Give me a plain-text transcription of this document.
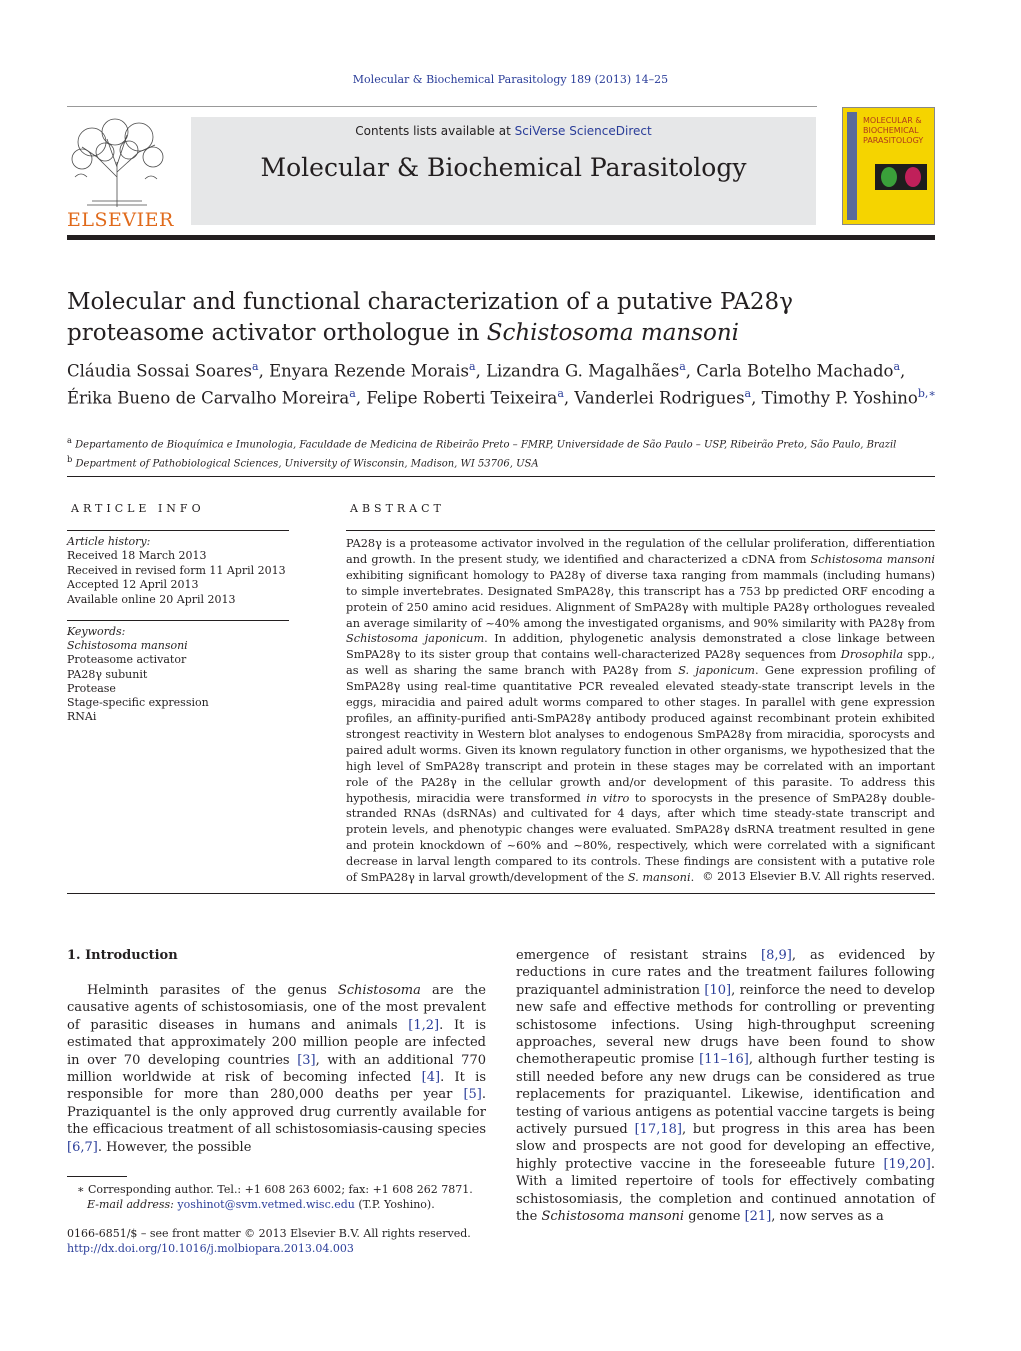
Molecular & Biochemical Parasitology 189 (2013) 14–25
ELSEVIER
Contents lists available at SciVerse ScienceDirect
Molecular & Biochemical Parasitology
MOLECULAR & BIOCHEMICAL PARASITOLOGY
Molecular and functional characterization of a putative PA28γ proteasome activator orthologue in Schistosoma mansoni
Cláudia Sossai Soares$^a$, Enyara Rezende Morais$^a$, Lizandra G. Magalhães$^a$, Carla Botelho Machado$^a$, Érika Bueno de Carvalho Moreira$^a$, Felipe Roberti Teixeira$^a$, Vanderlei Rodrigues$^a$, Timothy P. Yoshino$^{b,∗}$
$^a$ Departamento de Bioquímica e Imunologia, Faculdade de Medicina de Ribeirão Preto – FMRP, Universidade de São Paulo – USP, Ribeirão Preto, São Paulo, Brazil
$^b$ Department of Pathobiological Sciences, University of Wisconsin, Madison, WI 53706, USA
ARTICLE INFO	ABSTRACT
Article history:
Received 18 March 2013
Received in revised form 11 April 2013
Accepted 12 April 2013
Available online 20 April 2013
Keywords:
Schistosoma mansoni
Proteasome activator
PA28γ subunit
Protease
Stage-specific expression
RNAi
PA28γ is a proteasome activator involved in the regulation of the cellular proliferation, differentiation and growth. In the present study, we identified and characterized a cDNA from Schistosoma mansoni exhibiting significant homology to PA28γ of diverse taxa ranging from mammals (including humans) to simple invertebrates. Designated SmPA28γ, this transcript has a 753 bp predicted ORF encoding a protein of 250 amino acid residues. Alignment of SmPA28γ with multiple PA28γ orthologues revealed an average similarity of ~40% among the investigated organisms, and 90% similarity with PA28γ from Schistosoma japonicum. In addition, phylogenetic analysis demonstrated a close linkage between SmPA28γ to its sister group that contains well-characterized PA28γ sequences from Drosophila spp., as well as sharing the same branch with PA28γ from S. japonicum. Gene expression profiling of SmPA28γ using real-time quantitative PCR revealed elevated steady-state transcript levels in the eggs, miracidia and paired adult worms compared to other stages. In parallel with gene expression profiles, an affinity-purified anti-SmPA28γ antibody produced against recombinant protein exhibited strongest reactivity in Western blot analyses to endogenous SmPA28γ from miracidia, sporocysts and paired adult worms. Given its known regulatory function in other organisms, we hypothesized that the high level of SmPA28γ transcript and protein in these stages may be correlated with an important role of the PA28γ in the cellular growth and/or development of this parasite. To address this hypothesis, miracidia were transformed in vitro to sporocysts in the presence of SmPA28γ double-stranded RNAs (dsRNAs) and cultivated for 4 days, after which time steady-state transcript and protein levels, and phenotypic changes were evaluated. SmPA28γ dsRNA treatment resulted in gene and protein knockdown of ~60% and ~80%, respectively, which were correlated with a significant decrease in larval length compared to its controls. These findings are consistent with a putative role of SmPA28γ in larval growth/development of the S. mansoni. © 2013 Elsevier B.V. All rights reserved.
1. Introduction
Helminth parasites of the genus Schistosoma are the causative agents of schistosomiasis, one of the most prevalent of parasitic diseases in humans and animals [1,2]. It is estimated that approximately 200 million people are infected in over 70 developing countries [3], with an additional 770 million worldwide at risk of becoming infected [4]. It is responsible for more than 280,000 deaths per year [5]. Praziquantel is the only approved drug currently available for the efficacious treatment of all schistosomiasis-causing species [6,7]. However, the possible
emergence of resistant strains [8,9], as evidenced by reductions in cure rates and the treatment failures following praziquantel administration [10], reinforce the need to develop new safe and effective methods for controlling or preventing schistosome infections. Using high-throughput screening approaches, several new drugs have been found to show chemotherapeutic promise [11–16], although further testing is still needed before any new drugs can be considered as true replacements for praziquantel. Likewise, identification and testing of various antigens as potential vaccine targets is being actively pursued [17,18], but progress in this area has been slow and prospects are not good for developing an effective, highly protective vaccine in the foreseeable future [19,20]. With a limited repertoire of tools for effectively combating schistosomiasis, the completion and continued annotation of the Schistosoma mansoni genome [21], now serves as a
∗ Corresponding author. Tel.: +1 608 263 6002; fax: +1 608 262 7871.
E-mail address: yoshinot@svm.vetmed.wisc.edu (T.P. Yoshino).
0166-6851/$ – see front matter © 2013 Elsevier B.V. All rights reserved.
http://dx.doi.org/10.1016/j.molbiopara.2013.04.003
